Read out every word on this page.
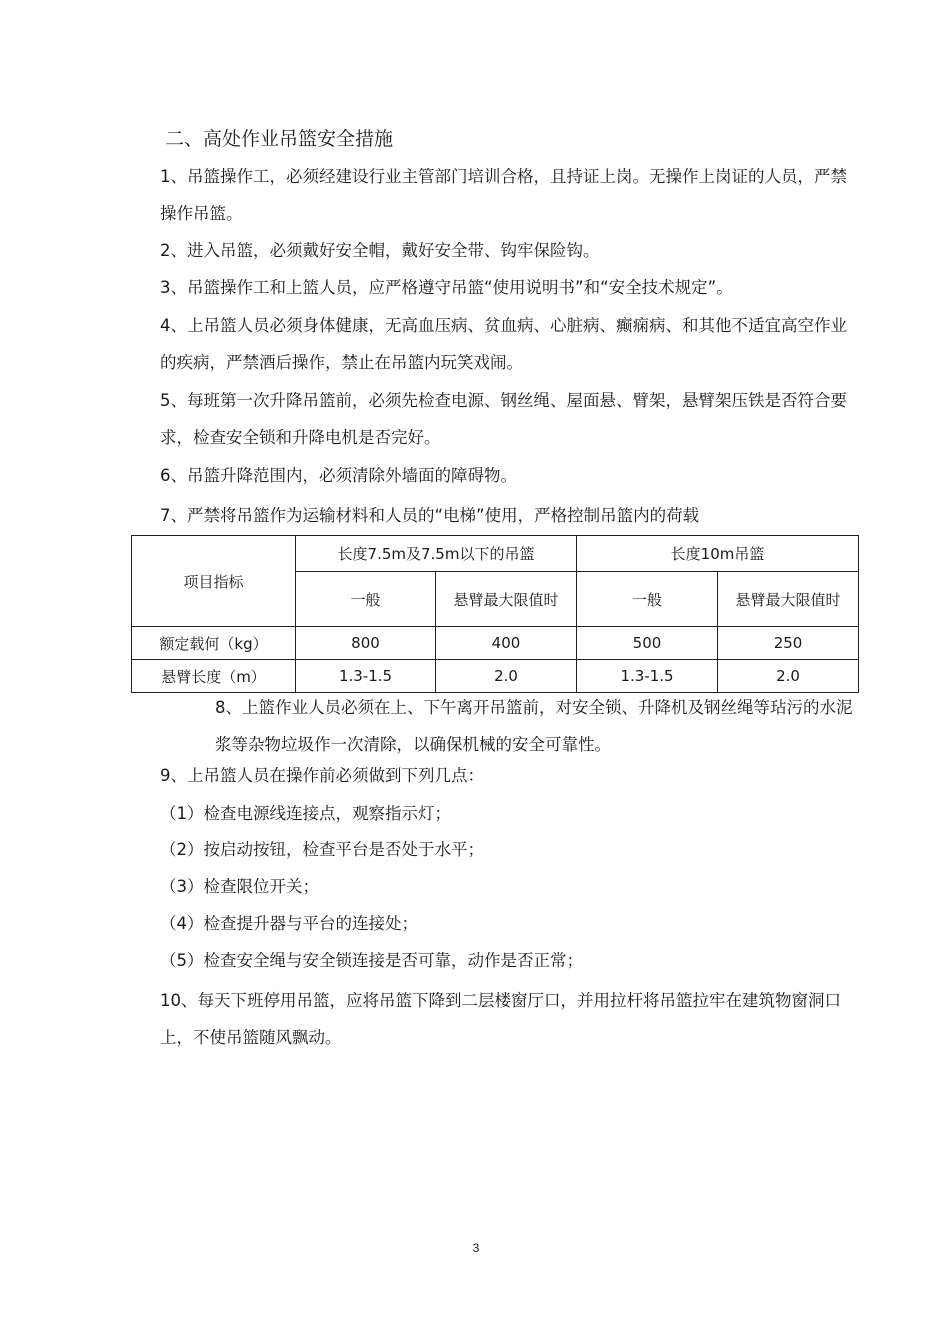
二、高处作业吊篮安全措施
1、吊篮操作工，必须经建设行业主管部门培训合格，且持证上岗。无操作上岗证的人员，严禁操作吊篮。
2、进入吊篮，必须戴好安全帽，戴好安全带、钩牢保险钩。
3、吊篮操作工和上篮人员，应严格遵守吊篮“使用说明书”和“安全技术规定”。
4、上吊篮人员必须身体健康，无高血压病、贫血病、心脏病、癫痫病、和其他不适宜高空作业的疾病，严禁酒后操作，禁止在吊篮内玩笑戏闹。
5、每班第一次升降吊篮前，必须先检查电源、钢丝绳、屋面悬、臂架，悬臂架压铁是否符合要求，检查安全锁和升降电机是否完好。
6、吊篮升降范围内，必须清除外墙面的障碍物。
7、严禁将吊篮作为运输材料和人员的“电梯”使用，严格控制吊篮内的荷载
项目指标	长度7.5m及7.5m以下的吊篮		长度10m吊篮	
	一般	悬臂最大限值时	一般	悬臂最大限值时
额定载何（kg）	800	400	500	250
悬臂长度（m）	1.3-1.5	2.0	1.3-1.5	2.0
8、上篮作业人员必须在上、下午离开吊篮前，对安全锁、升降机及钢丝绳等玷污的水泥浆等杂物垃圾作一次清除，以确保机械的安全可靠性。
9、上吊篮人员在操作前必须做到下列几点：
（1）检查电源线连接点，观察指示灯；
（2）按启动按钮，检查平台是否处于水平；
（3）检查限位开关；
（4）检查提升器与平台的连接处；
（5）检查安全绳与安全锁连接是否可靠，动作是否正常；
10、每天下班停用吊篮，应将吊篮下降到二层楼窗厅口，并用拉杆将吊篮拉牢在建筑物窗洞口上，不使吊篮随风飘动。
3
